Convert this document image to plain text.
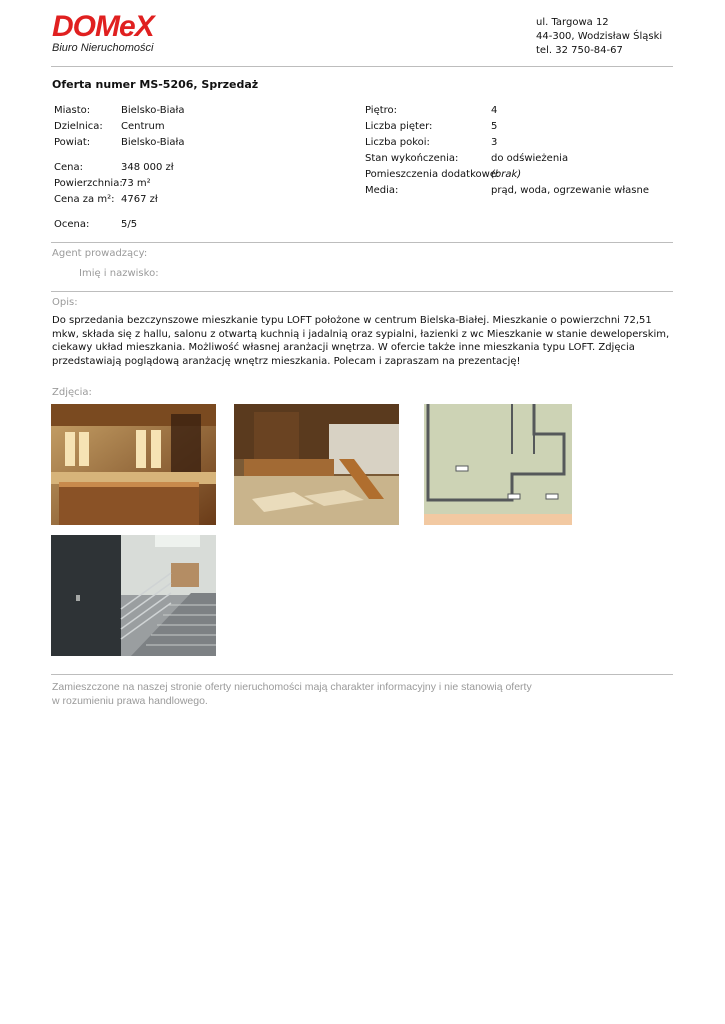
DOMeX
Biuro Nieruchomości
ul. Targowa 12
44-300, Wodzisław Śląski
tel. 32 750-84-67
Oferta numer MS-5206, Sprzedaż
Miasto:	Bielsko-Biała
Dzielnica: Centrum
Powiat:	Bielsko-Biała
Cena:	348 000 zł
Powierzchnia:
73 m²
Cena za m²: 4767 zł
Ocena:	5/5
Piętro:	4
Liczba pięter:	5
Liczba pokoi:	3
Stan wykończenia:	do odświeżenia
Pomieszczenia dodatkowe:
(brak)
Media:	prąd, woda, ogrzewanie własne
Agent prowadzący:
Imię i nazwisko:
Opis:
Do sprzedania bezczynszowe mieszkanie typu LOFT położone w centrum Bielska-Białej. Mieszkanie o powierzchni 72,51 mkw, składa się z hallu, salonu z otwartą kuchnią i jadalnią oraz sypialni, łazienki z wc Mieszkanie w stanie deweloperskim, ciekawy układ mieszkania. Możliwość własnej aranżacji wnętrza. W ofercie także inne mieszkania typu LOFT. Zdjęcia przedstawiają poglądową aranżację wnętrz mieszkania. Polecam i zapraszam na prezentację!
Zdjęcia:
Zamieszczone na naszej stronie oferty nieruchomości mają charakter informacyjny i nie stanowią oferty
w rozumieniu prawa handlowego.
